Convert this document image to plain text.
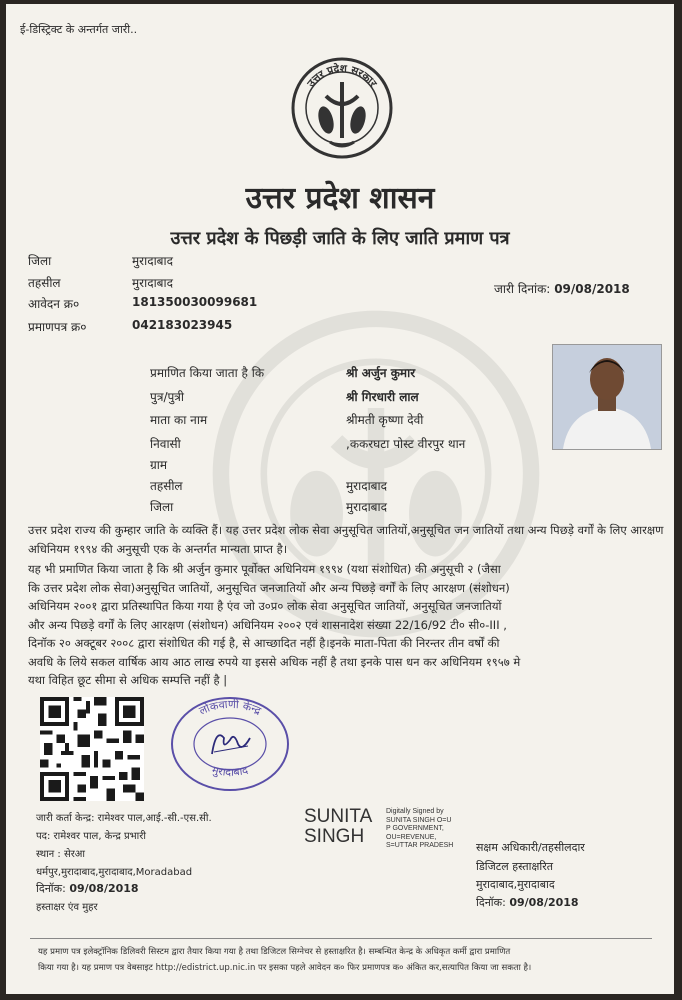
ई-डिस्ट्रिक्ट के अन्तर्गत जारी..
उत्तर प्रदेश सरकार
उत्तर प्रदेश शासन
उत्तर प्रदेश के पिछड़ी जाति के लिए जाति प्रमाण पत्र
जिला	मुरादाबाद
तहसील	मुरादाबाद
आवेदन क्र०	181350030099681
प्रमाणपत्र क्र०	042183023945
जारी दिनांक: 09/08/2018
प्रमाणित किया जाता है कि	श्री अर्जुन कुमार
पुत्र/पुत्री	श्री गिरधारी लाल
माता का नाम	श्रीमती कृष्णा देवी
निवासी	,ककरघटा पोस्ट वीरपुर थान
ग्राम
तहसील	मुरादाबाद
जिला	मुरादाबाद
उत्तर प्रदेश राज्य की कुम्हार जाति के व्यक्ति हैं। यह उत्तर प्रदेश लोक सेवा अनुसूचित जातियों,अनुसूचित जन जातियों तथा अन्य पिछड़े वर्गों के लिए आरक्षण अधिनियम १९९४ की अनुसूची एक के अन्तर्गत मान्यता प्राप्त है।
यह भी प्रमाणित किया जाता है कि श्री अर्जुन कुमार पूर्वोक्त अधिनियम १९९४ (यथा संशोधित) की अनुसूची २ (जैसा
कि उत्तर प्रदेश लोक सेवा)अनुसूचित जातियों, अनुसूचित जनजातियों और अन्य पिछड़े वर्गों के लिए आरक्षण (संशोधन)
अधिनियम २००१ द्वारा प्रतिस्थापित किया गया है एंव जो उ०प्र० लोक सेवा अनुसूचित जातियों, अनुसूचित जनजातियों
और अन्य पिछड़े वर्गों के लिए आरक्षण (संशोधन) अधिनियम २००२ एवं शासनादेश संख्या 22/16/92 टी० सी०-III ,
दिनॉक २० अक्टूबर २००८ द्वारा संशोधित की गई है, से आच्छादित नहीं है।इनके माता-पिता की निरन्तर तीन वर्षों की
अवधि के लिये सकल वार्षिक आय आठ लाख रुपये या इससे अधिक नहीं है तथा इनके पास धन कर अधिनियम १९५७ मे
यथा विहित छूट सीमा से अधिक सम्पत्ति नहीं है |
लोकवाणी केन्द्र
मुरादाबाद
जारी कर्ता केन्द्र: रामेश्वर पाल,आई.-सी.-एस.सी.
पद: रामेश्वर पाल, केन्द्र प्रभारी
स्थान : सेरआ
धर्मपुर,मुरादाबाद,मुरादाबाद,Moradabad
दिनॉक: 09/08/2018
हस्ताक्षर एंव मुहर
SUNITA
SINGH
Digitally Signed by
SUNITA SINGH O=U
P GOVERNMENT,
OU=REVENUE,
S=UTTAR PRADESH सक्षम अधिकारी/तहसीलदार
डिजिटल हस्ताक्षरित
मुरादाबाद,मुरादाबाद
दिनॉक: 09/08/2018
यह प्रमाण पत्र इलेक्ट्रॉनिक डिलिवरी सिस्टम द्वारा तैयार किया गया है तथा डिजिटल सिग्नेचर से हस्ताक्षरित है। सम्बन्धित केन्द्र के अधिकृत कर्मी द्वारा प्रमाणित
किया गया है। यह प्रमाण पत्र वेबसाइट http://edistrict.up.nic.in पर इसका पहले आवेदन क० फिर प्रमाणपत्र क० अंकित कर,सत्यापित किया जा सकता है।
